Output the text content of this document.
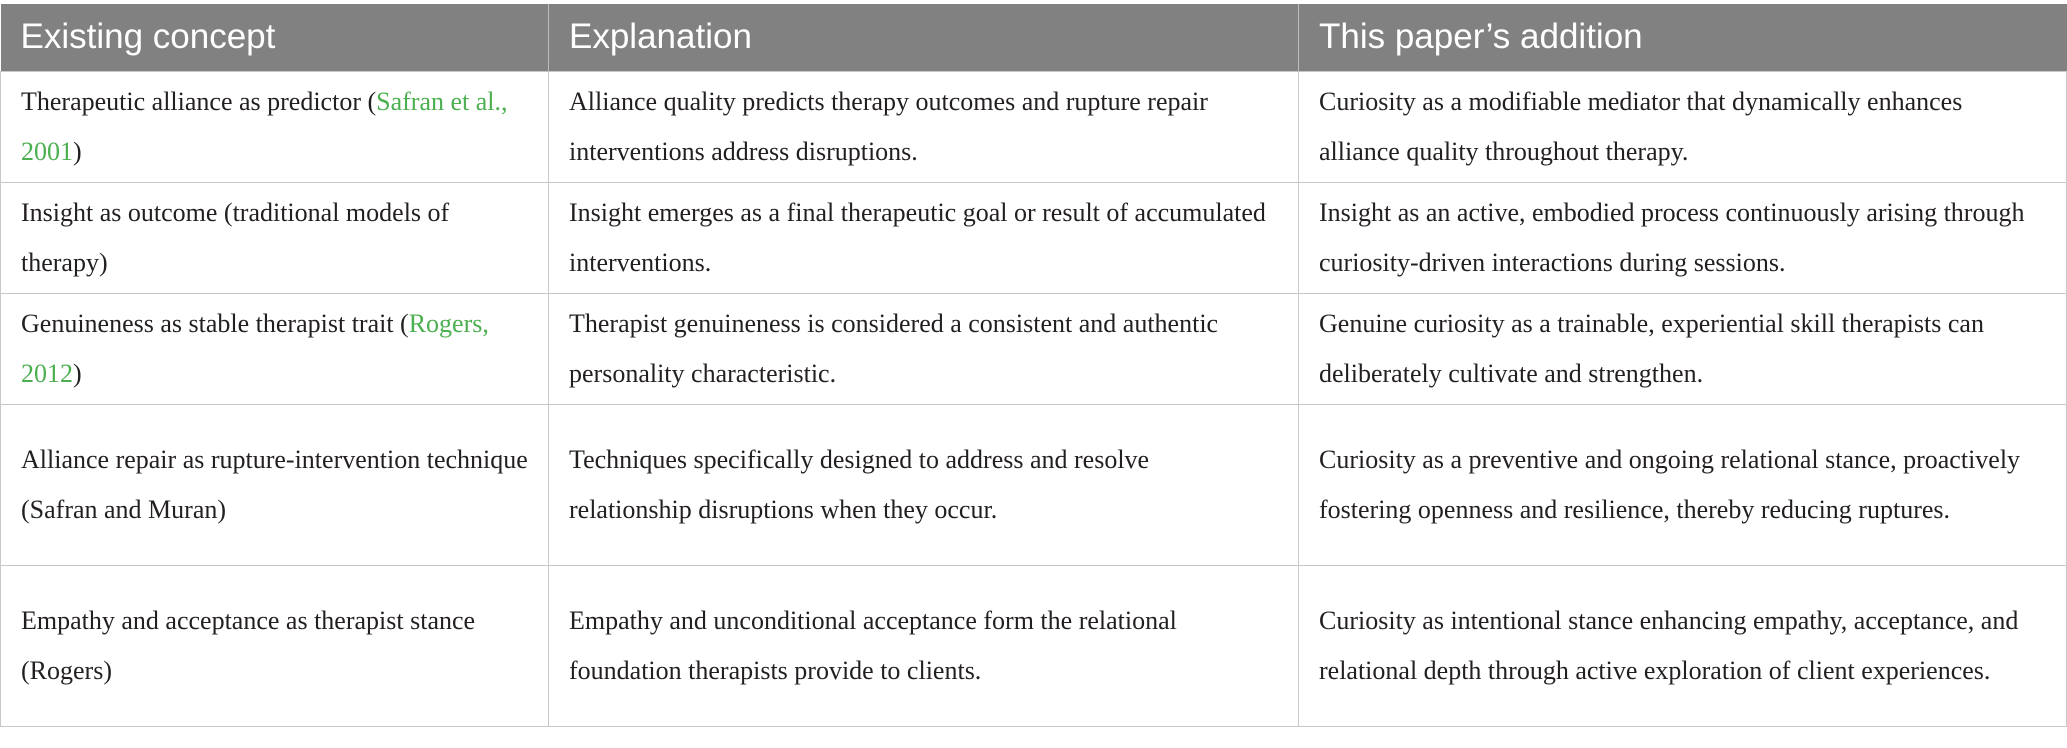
Existing concept	Explanation	This paper’s addition
Therapeutic alliance as predictor (Safran et al., 2001)	Alliance quality predicts therapy outcomes and rupture repair interventions address disruptions.	Curiosity as a modifiable mediator that dynamically enhances alliance quality throughout therapy.
Insight as outcome (traditional models of therapy)	Insight emerges as a final therapeutic goal or result of accumulated interventions.	Insight as an active, embodied process continuously arising through curiosity-driven interactions during sessions.
Genuineness as stable therapist trait (Rogers, 2012)	Therapist genuineness is considered a consistent and authentic personality characteristic.	Genuine curiosity as a trainable, experiential skill therapists can deliberately cultivate and strengthen.
Alliance repair as rupture-intervention technique (Safran and Muran)	Techniques specifically designed to address and resolve relationship disruptions when they occur.	Curiosity as a preventive and ongoing relational stance, proactively fostering openness and resilience, thereby reducing ruptures.
Empathy and acceptance as therapist stance (Rogers)	Empathy and unconditional acceptance form the relational foundation therapists provide to clients.	Curiosity as intentional stance enhancing empathy, acceptance, and relational depth through active exploration of client experiences.
